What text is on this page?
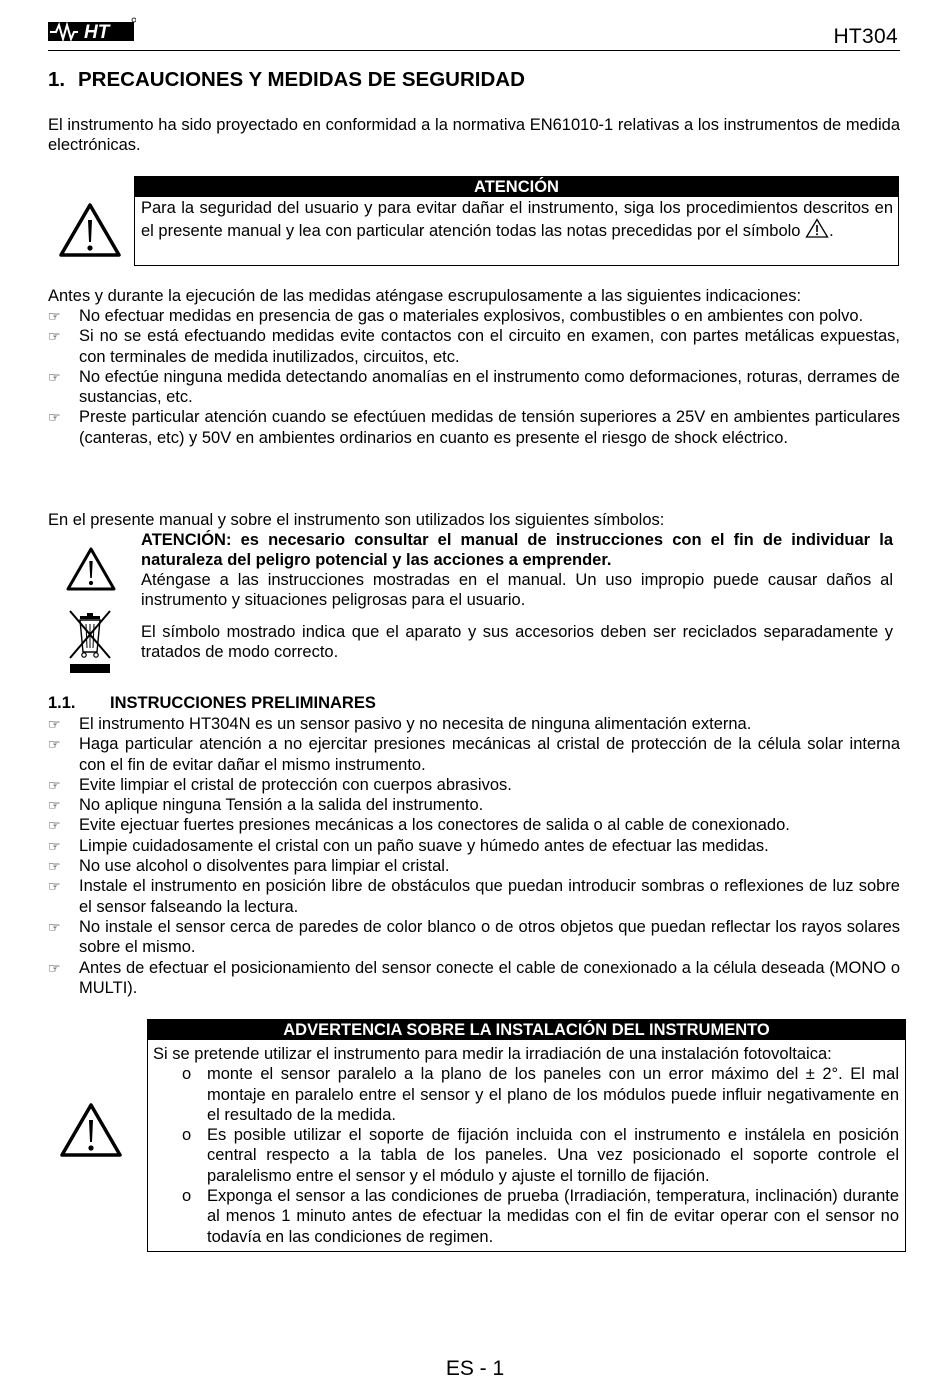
HT	HT304
1. PRECAUCIONES Y MEDIDAS DE SEGURIDAD
El instrumento ha sido proyectado en conformidad a la normativa EN61010-1 relativas a los instrumentos de medida electrónicas.
ATENCIÓN
Para la seguridad del usuario y para evitar dañar el instrumento, siga los procedimientos descritos en el presente manual y lea con particular atención todas las notas precedidas por el símbolo .
Antes y durante la ejecución de las medidas aténgase escrupulosamente a las siguientes indicaciones:
☞ No efectuar medidas en presencia de gas o materiales explosivos, combustibles o en ambientes con polvo.
☞ Si no se está efectuando medidas evite contactos con el circuito en examen, con partes metálicas expuestas, con terminales de medida inutilizados, circuitos, etc.
☞ No efectúe ninguna medida detectando anomalías en el instrumento como deformaciones, roturas, derrames de sustancias, etc.
☞ Preste particular atención cuando se efectúuen medidas de tensión superiores a 25V en ambientes particulares (canteras, etc) y 50V en ambientes ordinarios en cuanto es presente el riesgo de shock eléctrico.
En el presente manual y sobre el instrumento son utilizados los siguientes símbolos:
ATENCIÓN: es necesario consultar el manual de instrucciones con el fin de individuar la naturaleza del peligro potencial y las acciones a emprender.
Aténgase a las instrucciones mostradas en el manual. Un uso impropio puede causar daños al instrumento y situaciones peligrosas para el usuario.
El símbolo mostrado indica que el aparato y sus accesorios deben ser reciclados separadamente y tratados de modo correcto.
1.1. INSTRUCCIONES PRELIMINARES
☞ El instrumento HT304N es un sensor pasivo y no necesita de ninguna alimentación externa.
☞ Haga particular atención a no ejercitar presiones mecánicas al cristal de protección de la célula solar interna con el fin de evitar dañar el mismo instrumento.
☞ Evite limpiar el cristal de protección con cuerpos abrasivos.
☞ No aplique ninguna Tensión a la salida del instrumento.
☞ Evite ejectuar fuertes presiones mecánicas a los conectores de salida o al cable de conexionado.
☞ Limpie cuidadosamente el cristal con un paño suave y húmedo antes de efectuar las medidas.
☞ No use alcohol o disolventes para limpiar el cristal.
☞ Instale el instrumento en posición libre de obstáculos que puedan introducir sombras o reflexiones de luz sobre el sensor falseando la lectura.
☞ No instale el sensor cerca de paredes de color blanco o de otros objetos que puedan reflectar los rayos solares sobre el mismo.
☞ Antes de efectuar el posicionamiento del sensor conecte el cable de conexionado a la célula deseada (MONO o MULTI).
ADVERTENCIA SOBRE LA INSTALACIÓN DEL INSTRUMENTO
Si se pretende utilizar el instrumento para medir la irradiación de una instalación fotovoltaica:
o monte el sensor paralelo a la plano de los paneles con un error máximo del ± 2°. El mal montaje en paralelo entre el sensor y el plano de los módulos puede influir negativamente en el resultado de la medida.
o Es posible utilizar el soporte de fijación incluida con el instrumento e instálela en posición central respecto a la tabla de los paneles. Una vez posicionado el soporte controle el paralelismo entre el sensor y el módulo y ajuste el tornillo de fijación.
o Exponga el sensor a las condiciones de prueba (Irradiación, temperatura, inclinación) durante al menos 1 minuto antes de efectuar la medidas con el fin de evitar operar con el sensor no todavía en las condiciones de regimen.
ES - 1
